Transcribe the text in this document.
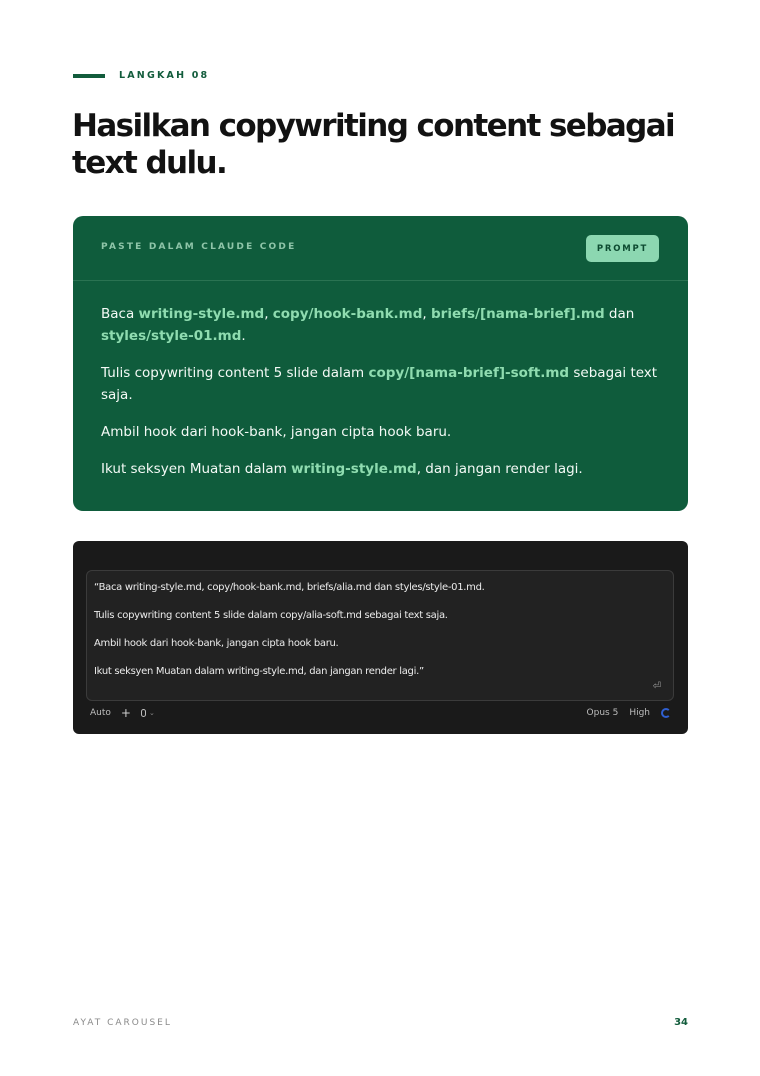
LANGKAH 08
Hasilkan copywriting content sebagai text dulu.
PASTE DALAM CLAUDE CODE	PROMPT

Baca writing-style.md, copy/hook-bank.md, briefs/[nama-brief].md dan styles/style-01.md.

Tulis copywriting content 5 slide dalam copy/[nama-brief]-soft.md sebagai text saja.

Ambil hook dari hook-bank, jangan cipta hook baru.

Ikut seksyen Muatan dalam writing-style.md, dan jangan render lagi.

“Baca writing-style.md, copy/hook-bank.md, briefs/alia.md dan styles/style-01.md.

Tulis copywriting content 5 slide dalam copy/alia-soft.md sebagai text saja.

Ambil hook dari hook-bank, jangan cipta hook baru.

Ikut seksyen Muatan dalam writing-style.md, dan jangan render lagi.”

⏎
Auto +	⌄	Opus 5 High
AYAT CAROUSEL	34
